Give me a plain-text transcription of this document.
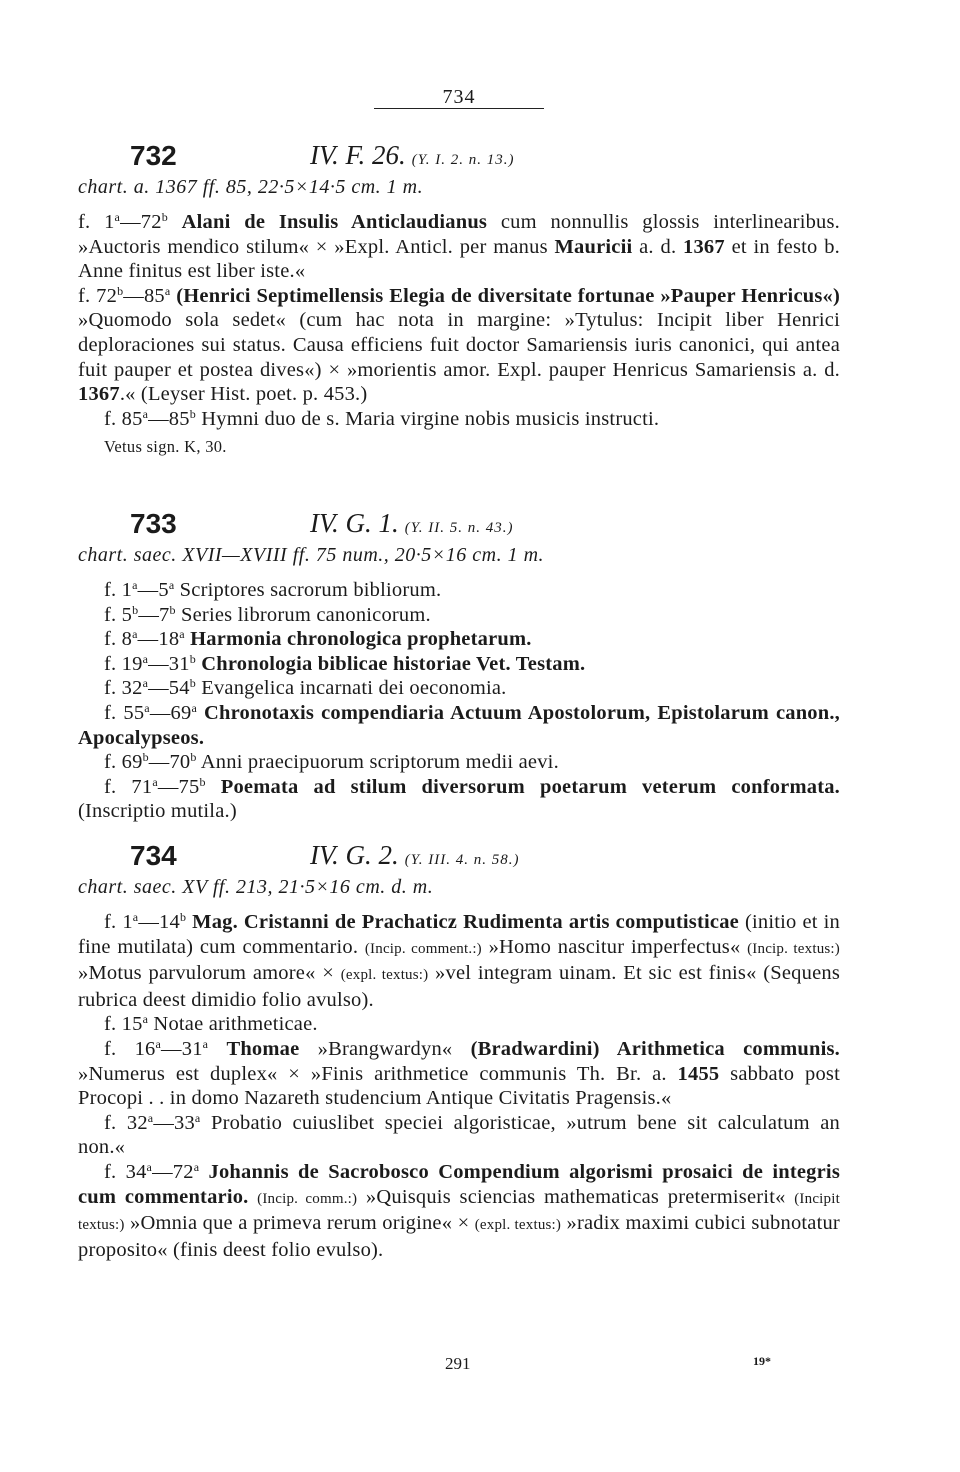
734
732	IV. F. 26. (Y. I. 2. n. 13.)
chart. a. 1367 ff. 85, 22·5×14·5 cm. 1 m.
f. 1$^a$—72$^b$ Alani de Insulis Anticlaudianus cum nonnullis glossis interlinearibus. »Auctoris mendico stilum« × »Expl. Anticl. per manus Mauricii a. d. 1367 et in festo b. Anne finitus est liber iste.«
f. 72$^b$—85$^a$ (Henrici Septimellensis Elegia de diversitate fortunae »Pauper Henricus«) »Quomodo sola sedet« (cum hac nota in margine: »Tytulus: Incipit liber Henrici deploraciones sui status. Causa efficiens fuit doctor Samariensis iuris canonici, qui antea fuit pauper et postea dives«) × »morientis amor. Expl. pauper Henricus Samariensis a. d. 1367.« (Leyser Hist. poet. p. 453.)
f. 85$^a$—85$^b$ Hymni duo de s. Maria virgine nobis musicis instructi.
Vetus sign. K, 30.
733	IV. G. 1. (Y. II. 5. n. 43.)
chart. saec. XVII—XVIII ff. 75 num., 20·5×16 cm. 1 m.
f. 1$^a$—5$^a$ Scriptores sacrorum bibliorum.
f. 5$^b$—7$^b$ Series librorum canonicorum.
f. 8$^a$—18$^a$ Harmonia chronologica prophetarum.
f. 19$^a$—31$^b$ Chronologia biblicae historiae Vet. Testam.
f. 32$^a$—54$^b$ Evangelica incarnati dei oeconomia.
f. 55$^a$—69$^a$ Chronotaxis compendiaria Actuum Apostolorum, Epistolarum canon., Apocalypseos.
f. 69$^b$—70$^b$ Anni praecipuorum scriptorum medii aevi.
f. 71$^a$—75$^b$ Poemata ad stilum diversorum poetarum veterum conformata. (Inscriptio mutila.)
734	IV. G. 2. (Y. III. 4. n. 58.)
chart. saec. XV ff. 213, 21·5×16 cm. d. m.
f. 1$^a$—14$^b$ Mag. Cristanni de Prachaticz Rudimenta artis computisticae (initio et in fine mutilata) cum commentario. (Incip. comment.:) »Homo nascitur imperfectus« (Incip. textus:) »Motus parvulorum amore« × (expl. textus:) »vel integram uinam. Et sic est finis« (Sequens rubrica deest dimidio folio avulso).
f. 15$^a$ Notae arithmeticae.
f. 16$^a$—31$^a$ Thomae »Brangwardyn« (Bradwardini) Arithmetica communis. »Numerus est duplex« × »Finis arithmetice communis Th. Br. a. 1455 sabbato post Procopi . . in domo Nazareth studencium Antique Civitatis Pragensis.«
f. 32$^a$—33$^a$ Probatio cuiuslibet speciei algoristicae, »utrum bene sit calculatum an non.«
f. 34$^a$—72$^a$ Johannis de Sacrobosco Compendium algorismi prosaici de integris cum commentario. (Incip. comm.:) »Quisquis sciencias mathematicas pretermiserit« (Incipit textus:) »Omnia que a primeva rerum origine« × (expl. textus:) »radix maximi cubici subnotatur proposito« (finis deest folio evulso).
291	19*
